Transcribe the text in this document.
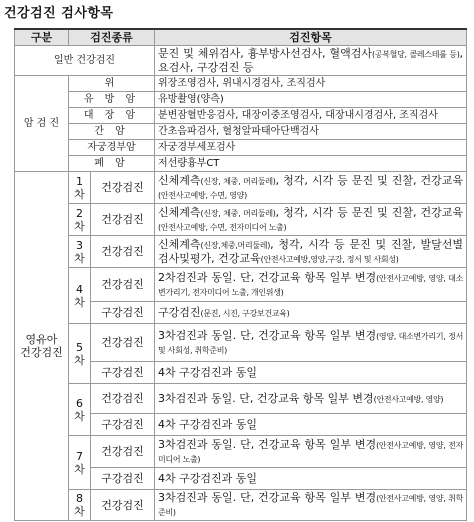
건강검진 검사항목
구분	검진종류		검진항목
일반 건강검진			문진 및 체위검사, 흉부방사선검사, 혈액검사(공복혈당, 콜레스테롤 등), 요검사, 구강검진 등
암 검 진	위		위장조영검사, 위내시경검사, 조직검사
	유 방 암		유방촬영(양측)
	대 장 암		분변잠혈반응검사, 대장이중조영검사, 대장내시경검사, 조직검사
	간 암		간초음파검사, 혈청알파태아단백검사
	자궁경부암		자궁경부세포검사
	폐 암		저선량흉부CT
영유아
건강검진	1차	건강검진	신체계측(신장, 체중, 머리둘레), 청각, 시각 등 문진 및 진찰, 건강교육(안전사고예방, 수면, 영양)
	2차	건강검진	신체계측(신장, 체중, 머리둘레), 청각, 시각 등 문진 및 진찰, 건강교육(안전사고예방, 수면, 전자미디어 노출)
	3차	건강검진	신체계측(신장,체중,머리둘레), 청각, 시각 등 문진 및 진찰, 발달선별검사및평가, 건강교육(안전사고예방,영양,구강, 정서 및 사회성)
	4차	건강검진	2차검진과 동일. 단, 건강교육 항목 일부 변경(안전사고예방, 영양, 대소변가리기, 전자미디어 노출, 개인위생)
		구강검진	구강검진(문진, 시진, 구강보건교육)
	5차	건강검진	3차검진과 동일. 단, 건강교육 항목 일부 변경(영양, 대소변가리기, 정서 및 사회성, 취학준비)
		구강검진	4차 구강검진과 동일
	6차	건강검진	3차검진과 동일. 단, 건강교육 항목 일부 변경(안전사고예방, 영양)
		구강검진	4차 구강검진과 동일
	7차	건강검진	3차검진과 동일. 단, 건강교육 항목 일부 변경(안전사고예방, 영양, 전자미디어 노출)
		구강검진	4차 구강검진과 동일
	8차	건강검진	3차검진과 동일. 단, 건강교육 항목 일부 변경(안전사고예방, 영양, 취학준비)
